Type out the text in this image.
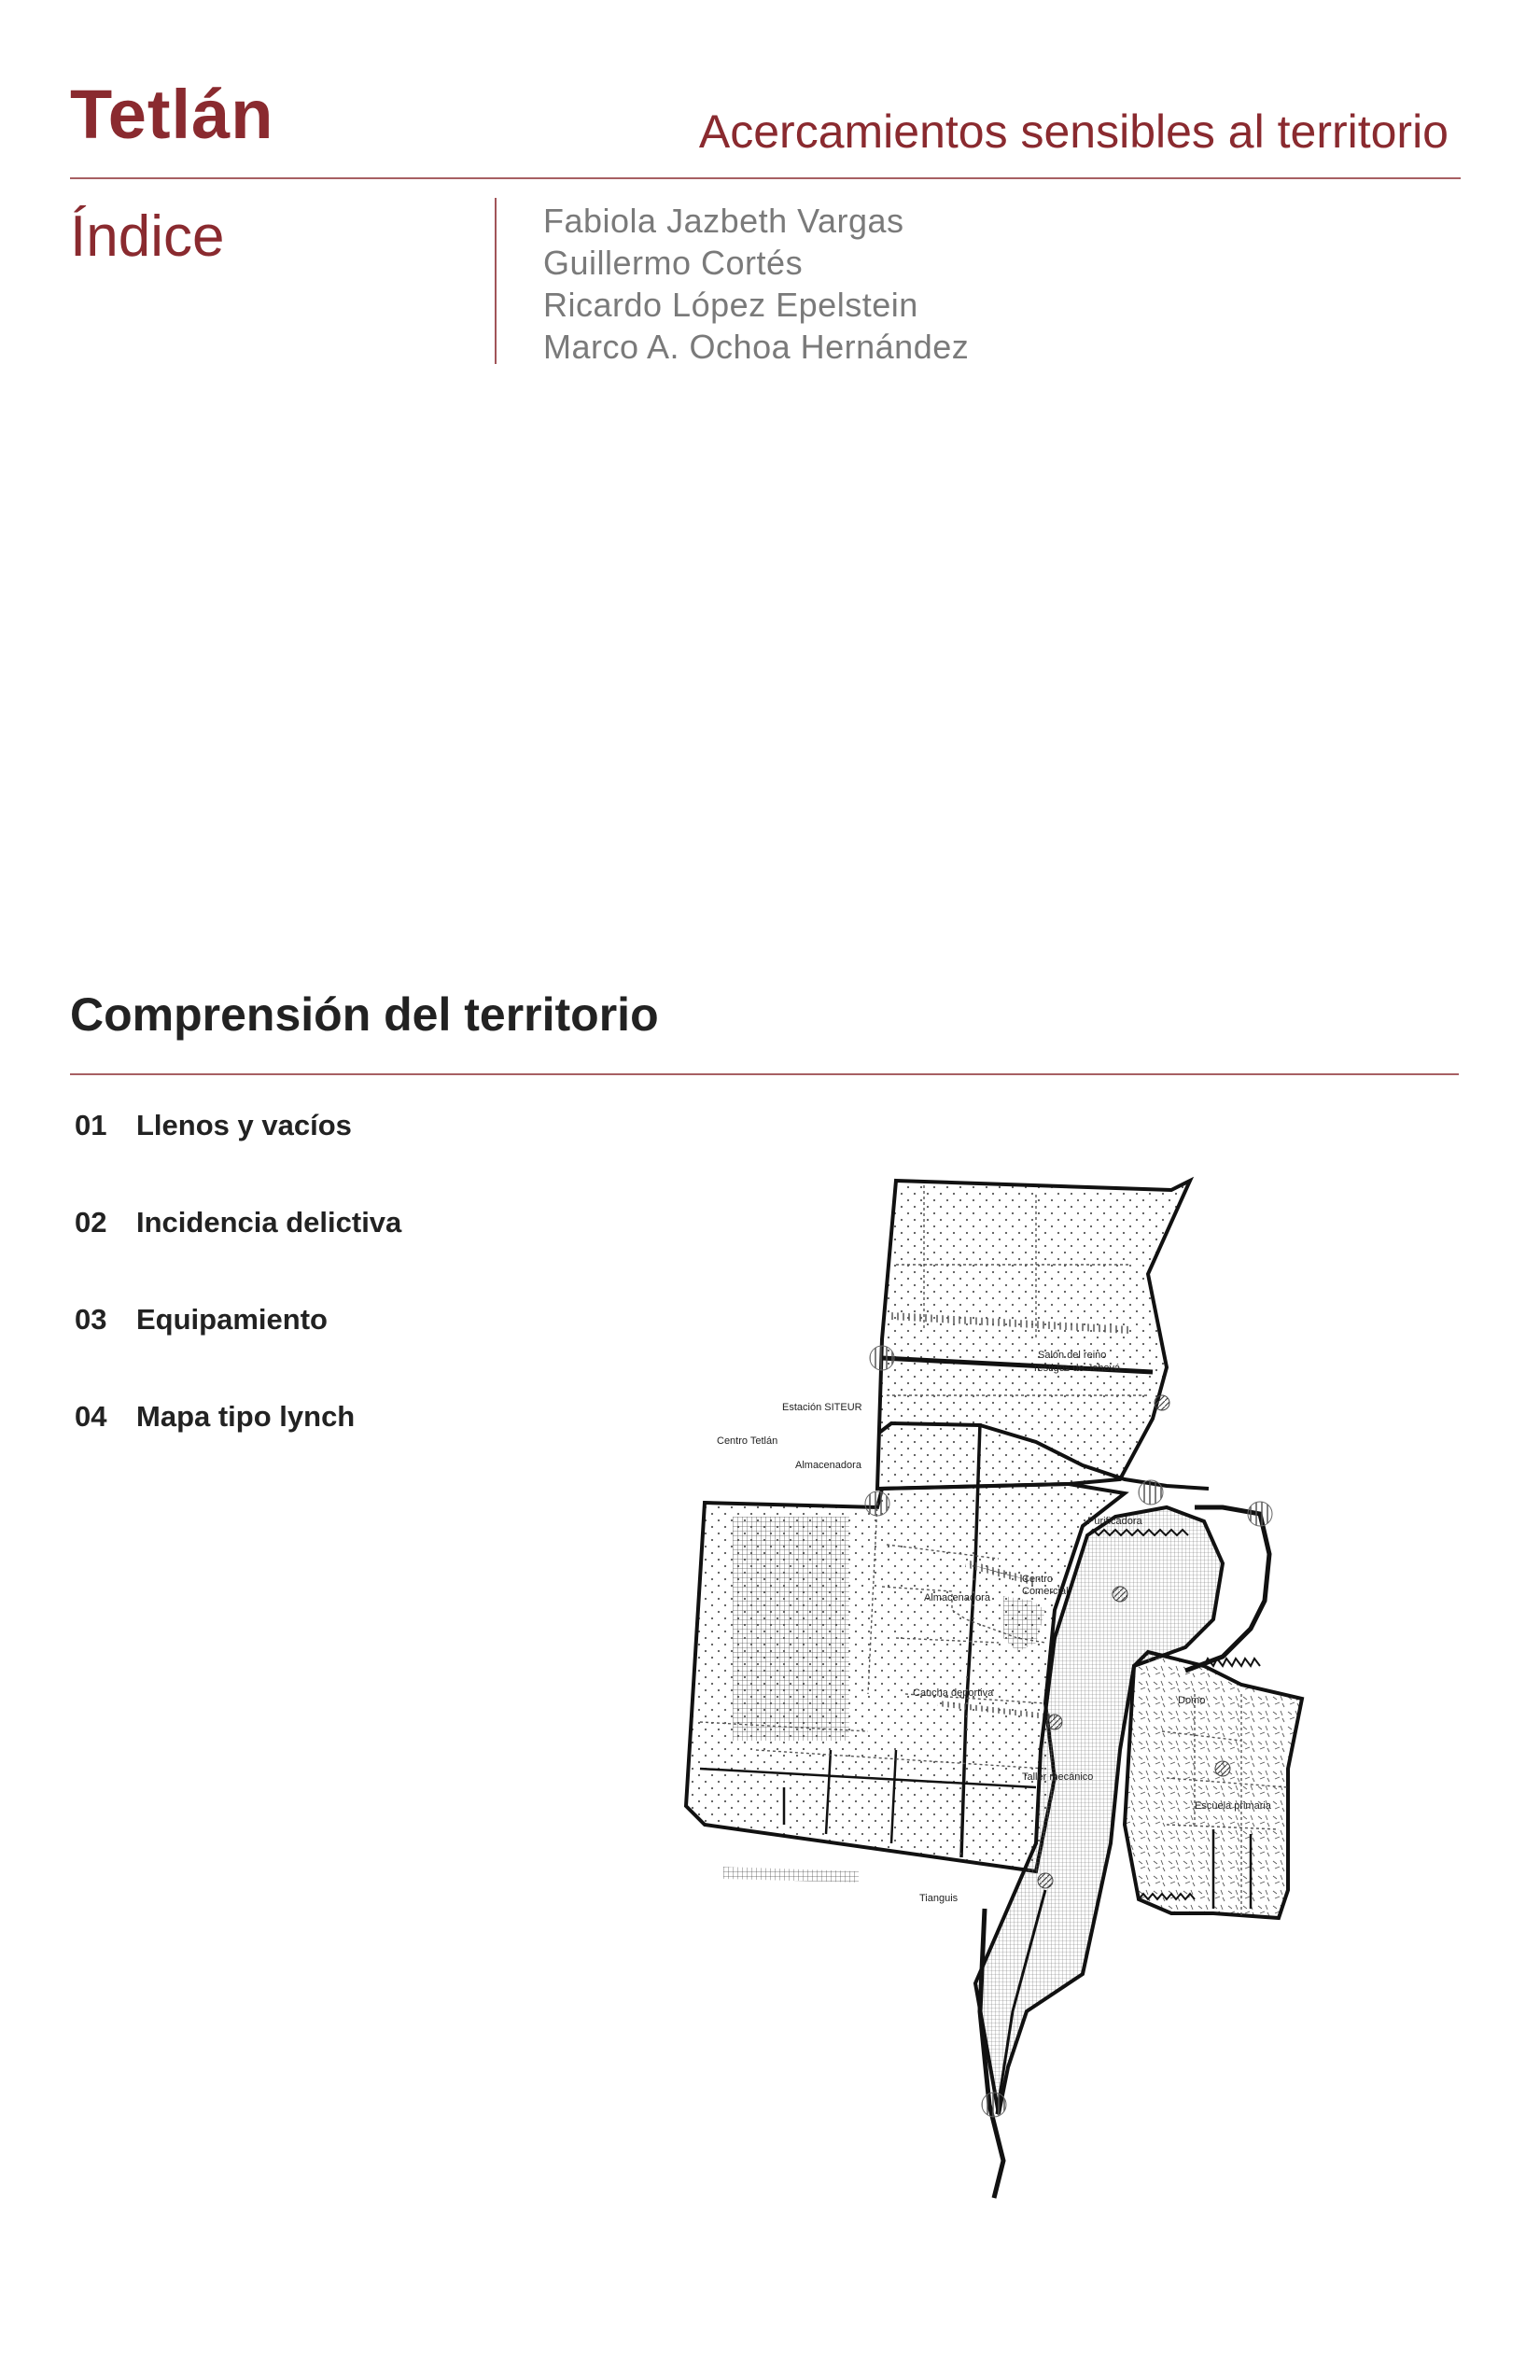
Tetlán	Acercamientos sensibles al territorio
Índice	Fabiola Jazbeth Vargas
Guillermo Cortés
Ricardo López Epelstein
Marco A. Ochoa Hernández
Comprensión del territorio
01	Llenos y vacíos
02	Incidencia delictiva
03	Equipamiento
04	Mapa tipo lynch
Salón del reino
Testigos de Jehová
Estación SITEUR
Centro Tetlán
Almacenadora
Purificadora
Centro
Comercial
Almacenadora
Cancha deportiva
Domo
Taller mecánico
Escuela primaria
Tianguis
